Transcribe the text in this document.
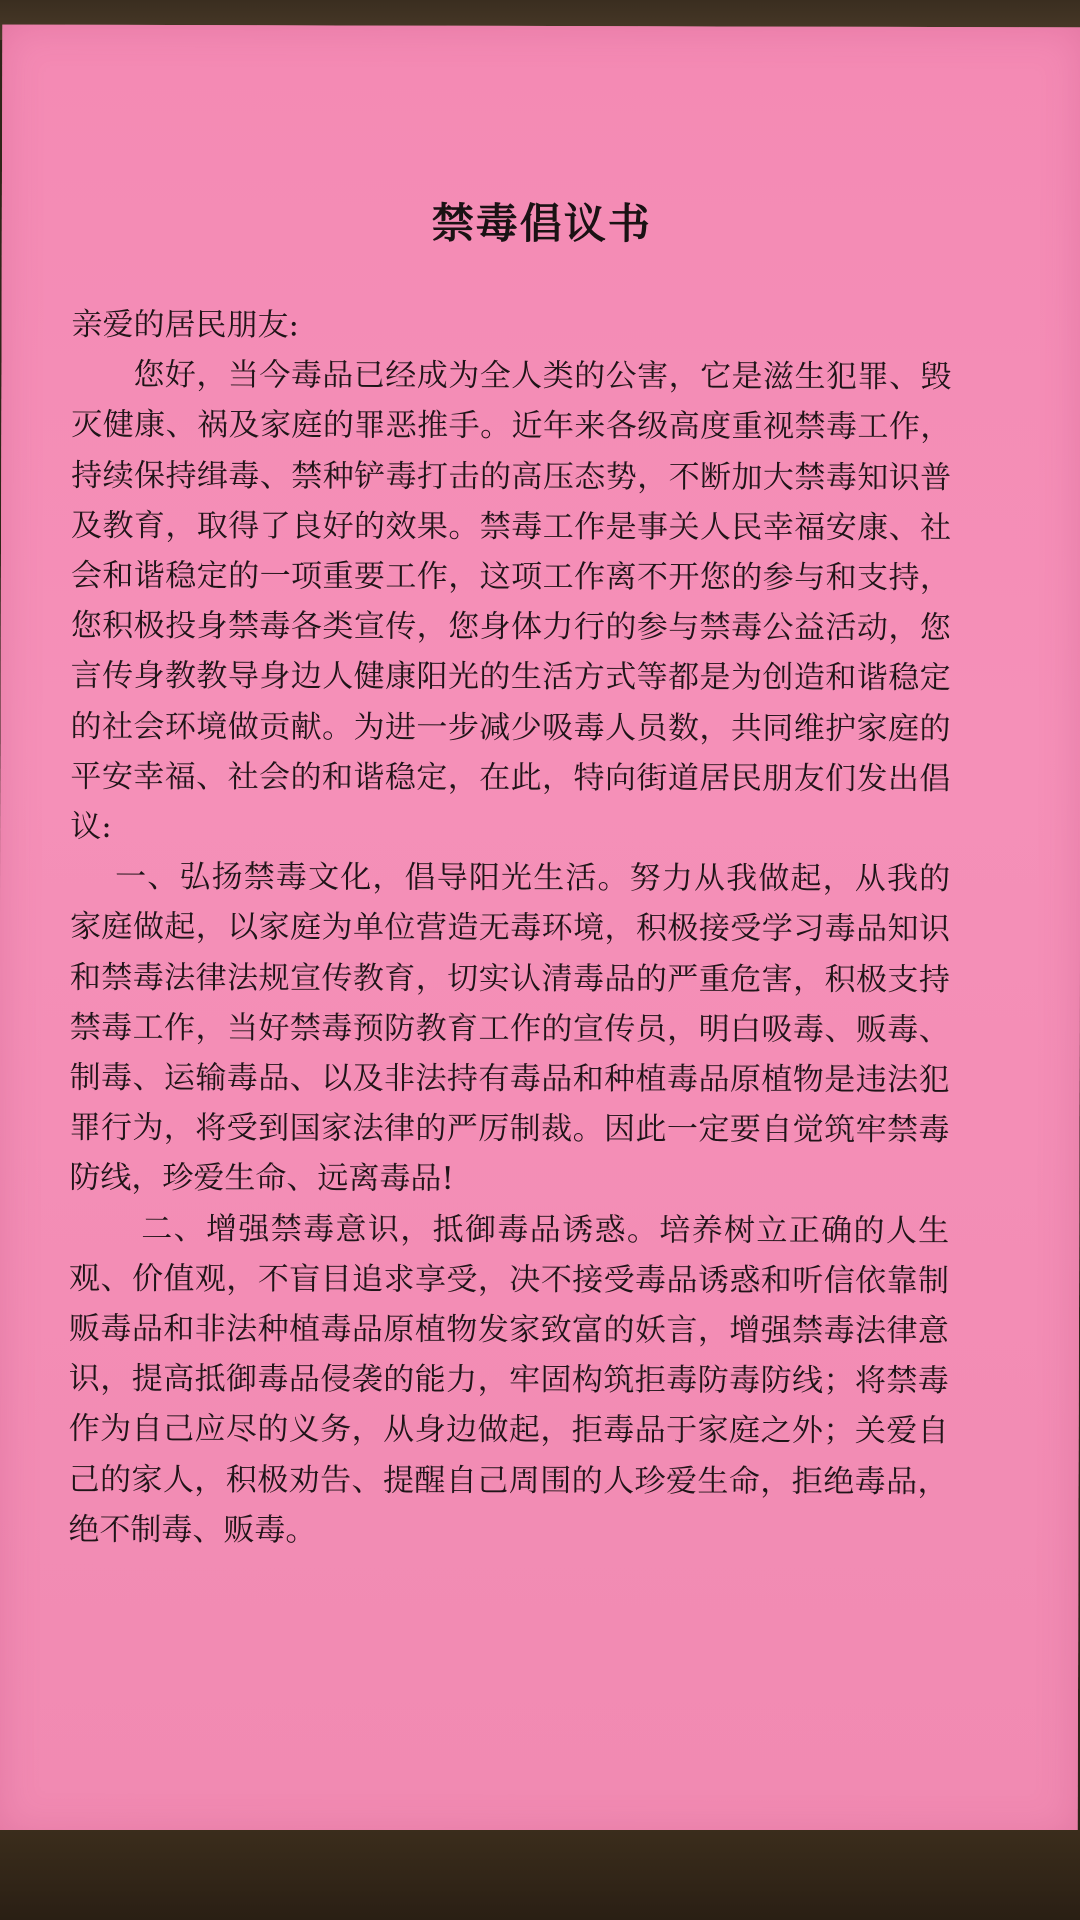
禁毒倡议书

亲爱的居民朋友:

您好，当今毒品已经成为全人类的公害，它是滋生犯罪、毁灭健康、祸及家庭的罪恶推手。近年来各级高度重视禁毒工作，持续保持缉毒、禁种铲毒打击的高压态势，不断加大禁毒知识普及教育，取得了良好的效果。禁毒工作是事关人民幸福安康、社会和谐稳定的一项重要工作，这项工作离不开您的参与和支持，您积极投身禁毒各类宣传，您身体力行的参与禁毒公益活动，您言传身教教导身边人健康阳光的生活方式等都是为创造和谐稳定的社会环境做贡献。为进一步减少吸毒人员数，共同维护家庭的平安幸福、社会的和谐稳定，在此，特向街道居民朋友们发出倡议:

一、弘扬禁毒文化，倡导阳光生活。努力从我做起，从我的家庭做起，以家庭为单位营造无毒环境，积极接受学习毒品知识和禁毒法律法规宣传教育，切实认清毒品的严重危害，积极支持禁毒工作，当好禁毒预防教育工作的宣传员，明白吸毒、贩毒、制毒、运输毒品、以及非法持有毒品和种植毒品原植物是违法犯罪行为，将受到国家法律的严厉制裁。因此一定要自觉筑牢禁毒防线，珍爱生命、远离毒品!

二、增强禁毒意识，抵御毒品诱惑。培养树立正确的人生观、价值观，不盲目追求享受，决不接受毒品诱惑和听信依靠制贩毒品和非法种植毒品原植物发家致富的妖言，增强禁毒法律意识，提高抵御毒品侵袭的能力，牢固构筑拒毒防毒防线；将禁毒作为自己应尽的义务，从身边做起，拒毒品于家庭之外；关爱自己的家人，积极劝告、提醒自己周围的人珍爱生命，拒绝毒品，绝不制毒、贩毒。
